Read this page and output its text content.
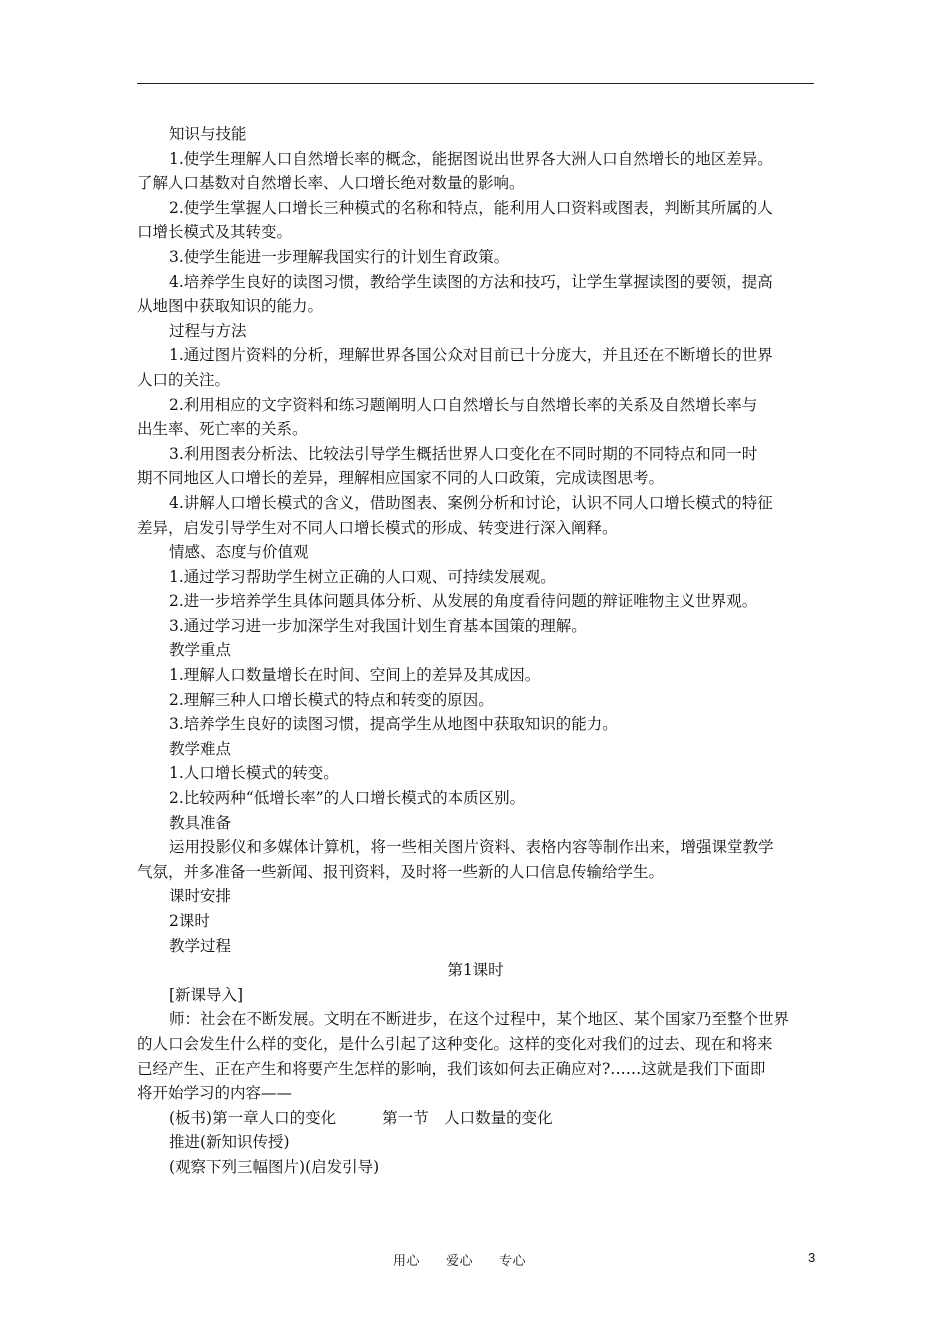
知识与技能
1.使学生理解人口自然增长率的概念，能据图说出世界各大洲人口自然增长的地区差异。
了解人口基数对自然增长率、人口增长绝对数量的影响。
2.使学生掌握人口增长三种模式的名称和特点，能利用人口资料或图表，判断其所属的人
口增长模式及其转变。
3.使学生能进一步理解我国实行的计划生育政策。
4.培养学生良好的读图习惯，教给学生读图的方法和技巧，让学生掌握读图的要领，提高
从地图中获取知识的能力。
过程与方法
1.通过图片资料的分析，理解世界各国公众对目前已十分庞大，并且还在不断增长的世界
人口的关注。
2.利用相应的文字资料和练习题阐明人口自然增长与自然增长率的关系及自然增长率与
出生率、死亡率的关系。
3.利用图表分析法、比较法引导学生概括世界人口变化在不同时期的不同特点和同一时
期不同地区人口增长的差异，理解相应国家不同的人口政策，完成读图思考。
4.讲解人口增长模式的含义，借助图表、案例分析和讨论，认识不同人口增长模式的特征
差异，启发引导学生对不同人口增长模式的形成、转变进行深入阐释。
情感、态度与价值观
1.通过学习帮助学生树立正确的人口观、可持续发展观。
2.进一步培养学生具体问题具体分析、从发展的角度看待问题的辩证唯物主义世界观。
3.通过学习进一步加深学生对我国计划生育基本国策的理解。
教学重点
1.理解人口数量增长在时间、空间上的差异及其成因。
2.理解三种人口增长模式的特点和转变的原因。
3.培养学生良好的读图习惯，提高学生从地图中获取知识的能力。
教学难点
1.人口增长模式的转变。
2.比较两种“低增长率”的人口增长模式的本质区别。
教具准备
运用投影仪和多媒体计算机，将一些相关图片资料、表格内容等制作出来，增强课堂教学
气氛，并多准备一些新闻、报刊资料，及时将一些新的人口信息传输给学生。
课时安排
2课时
教学过程
第1课时
[新课导入]
师：社会在不断发展。文明在不断进步，在这个过程中，某个地区、某个国家乃至整个世界
的人口会发生什么样的变化，是什么引起了这种变化。这样的变化对我们的过去、现在和将来
已经产生、正在产生和将要产生怎样的影响，我们该如何去正确应对?……这就是我们下面即
将开始学习的内容——
(板书)第一章人口的变化	第一节　人口数量的变化
推进(新知识传授)
(观察下列三幅图片)(启发引导)
用心 爱心 专心	3
